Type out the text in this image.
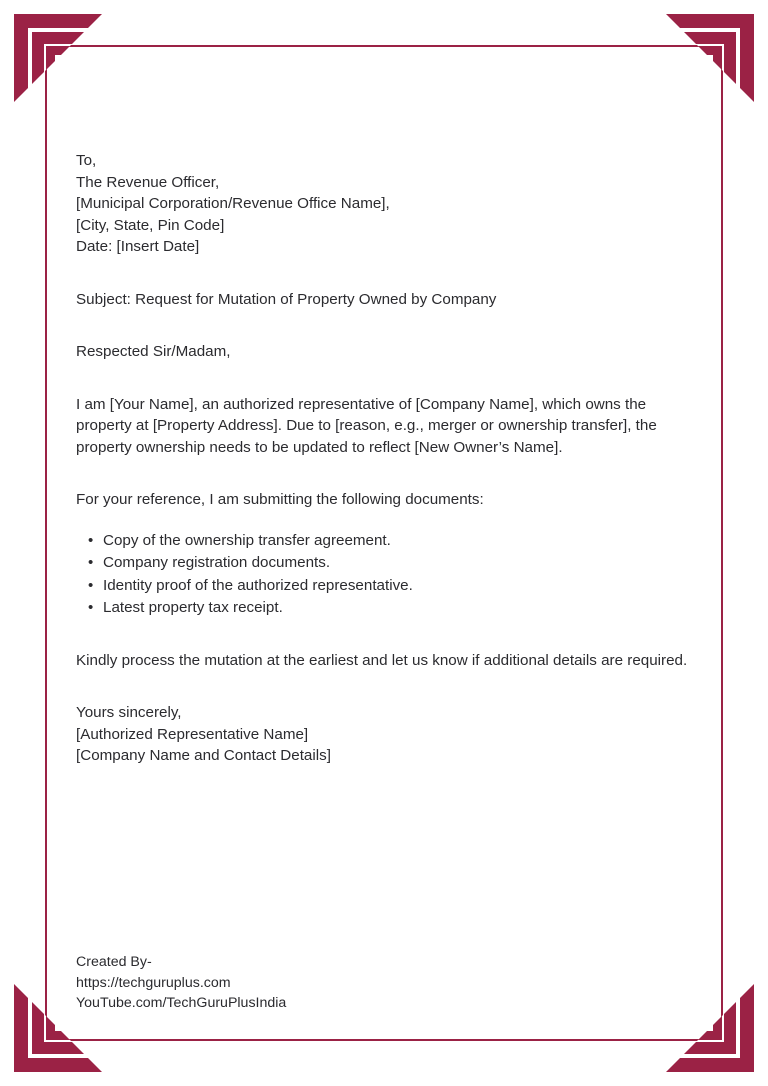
To,
The Revenue Officer,
[Municipal Corporation/Revenue Office Name],
[City, State, Pin Code]
Date: [Insert Date]

Subject: Request for Mutation of Property Owned by Company

Respected Sir/Madam,

I am [Your Name], an authorized representative of [Company Name], which owns the property at [Property Address]. Due to [reason, e.g., merger or ownership transfer], the property ownership needs to be updated to reflect [New Owner’s Name].

For your reference, I am submitting the following documents:

• Copy of the ownership transfer agreement.
• Company registration documents.
• Identity proof of the authorized representative.
• Latest property tax receipt.

Kindly process the mutation at the earliest and let us know if additional details are required.

Yours sincerely,
[Authorized Representative Name]
[Company Name and Contact Details]
Created By-
https://techguruplus.com
YouTube.com/TechGuruPlusIndia
